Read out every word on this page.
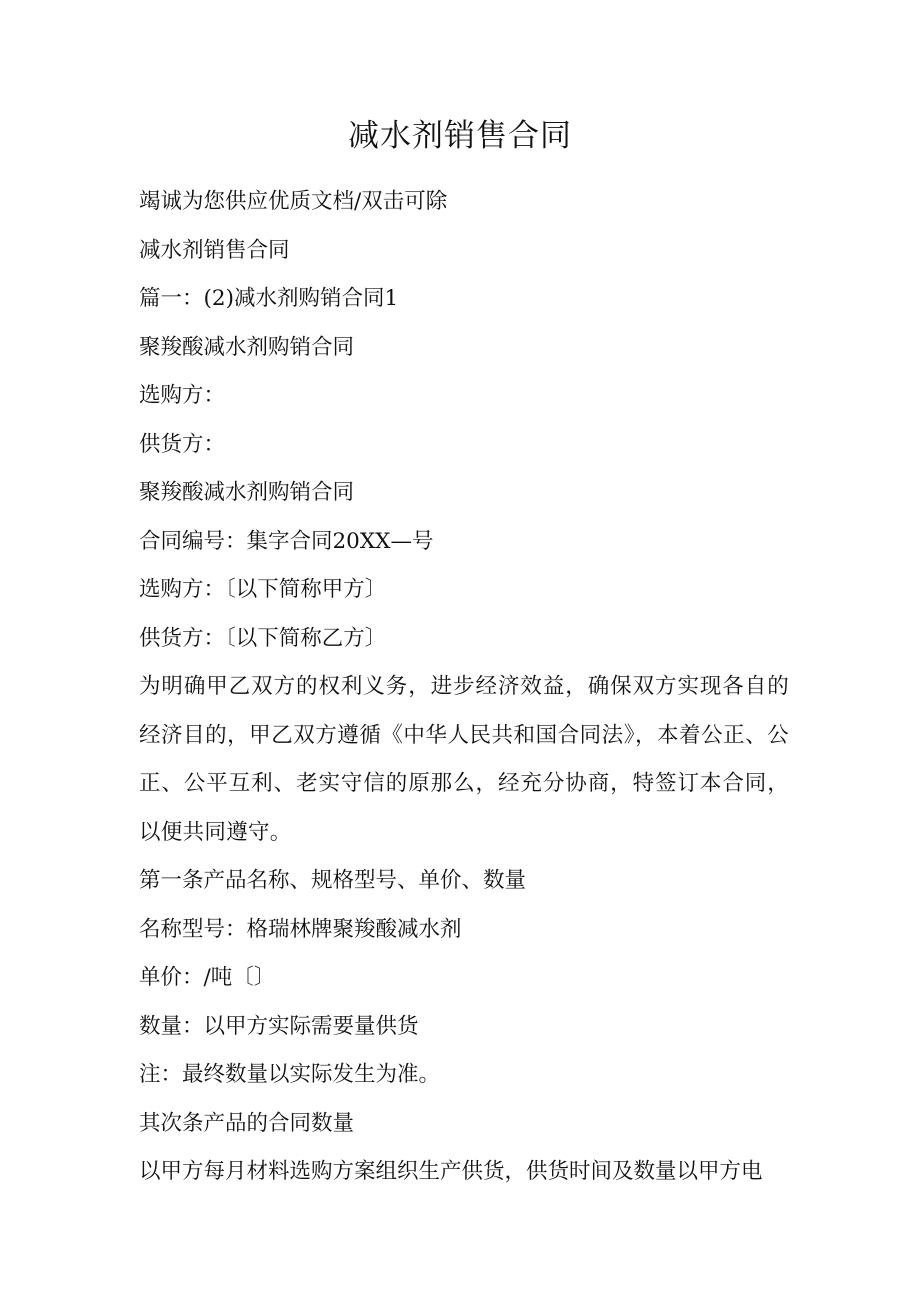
减水剂销售合同
竭诚为您供应优质文档/双击可除
减水剂销售合同
篇一：(2)减水剂购销合同1
聚羧酸减水剂购销合同
选购方：
供货方：
聚羧酸减水剂购销合同
合同编号：集字合同20XX—号
选购方：〔以下简称甲方〕
供货方：〔以下简称乙方〕
为明确甲乙双方的权利义务，进步经济效益，确保双方实现各自的经济目的，甲乙双方遵循《中华人民共和国合同法》，本着公正、公正、公平互利、老实守信的原那么，经充分协商，特签订本合同，以便共同遵守。
第一条产品名称、规格型号、单价、数量
名称型号：格瑞林牌聚羧酸减水剂
单价：/吨〔〕
数量：以甲方实际需要量供货
注：最终数量以实际发生为准。
其次条产品的合同数量
以甲方每月材料选购方案组织生产供货，供货时间及数量以甲方电
